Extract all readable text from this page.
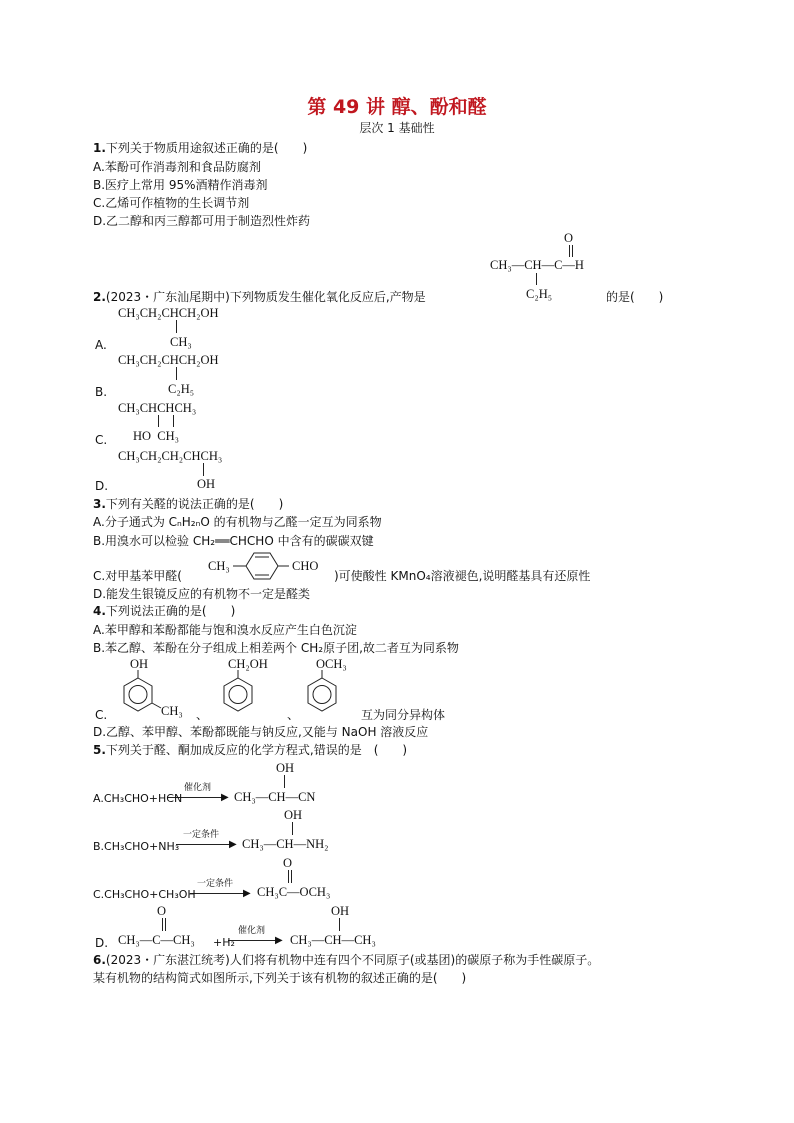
第 49 讲 醇、酚和醛
层次 1 基础性
1.下列关于物质用途叙述正确的是(　　)
A.苯酚可作消毒剂和食品防腐剂
B.医疗上常用 95%酒精作消毒剂
C.乙烯可作植物的生长调节剂
D.乙二醇和丙三醇都可用于制造烈性炸药
O
CH₃—CH—C—H
C₂H₅
2.(2023・广东汕尾期中)下列物质发生催化氧化反应后,产物是	的是(　　)
CH₃CH₂CHCH₂OH
A.	CH₃
CH₃CH₂CHCH₂OH
C₂H₅
B.
CH₃CHCHCH₃
C. HO  CH₃
CH₃CH₂CH₂CHCH₃
D.	OH
3.下列有关醛的说法正确的是(　　)
A.分子通式为 CₙH₂ₙO 的有机物与乙醛一定互为同系物
B.用溴水可以检验 CH₂══CHCHO 中含有的碳碳双键
C.对甲基苯甲醛(
CH₃	CHO
)可使酸性 KMnO₄溶液褪色,说明醛基具有还原性
D.能发生银镜反应的有机物不一定是醛类
4.下列说法正确的是(　　)
A.苯甲醇和苯酚都能与饱和溴水反应产生白色沉淀
B.苯乙醇、苯酚在分子组成上相差两个 CH₂原子团,故二者互为同系物
OH
CH₃
C.	、
CH₂OH
、
OCH₃
互为同分异构体
D.乙醇、苯甲醇、苯酚都既能与钠反应,又能与 NaOH 溶液反应
5.下列关于醛、酮加成反应的化学方程式,错误的是　(　　)
OH
催化剂
▶
A.CH₃CHO+HCN	CH₃—CH—CN
OH
一定条件
▶
B.CH₃CHO+NH₃	CH₃—CH—NH₂
O
一定条件
▶
C.CH₃CHO+CH₃OH	CH₃C—OCH₃
O	OH
催化剂
▶
D. CH₃—C—CH₃ +H₂	CH₃—CH—CH₃
6.(2023・广东湛江统考)人们将有机物中连有四个不同原子(或基团)的碳原子称为手性碳原子。
某有机物的结构简式如图所示,下列关于该有机物的叙述正确的是(　　)
